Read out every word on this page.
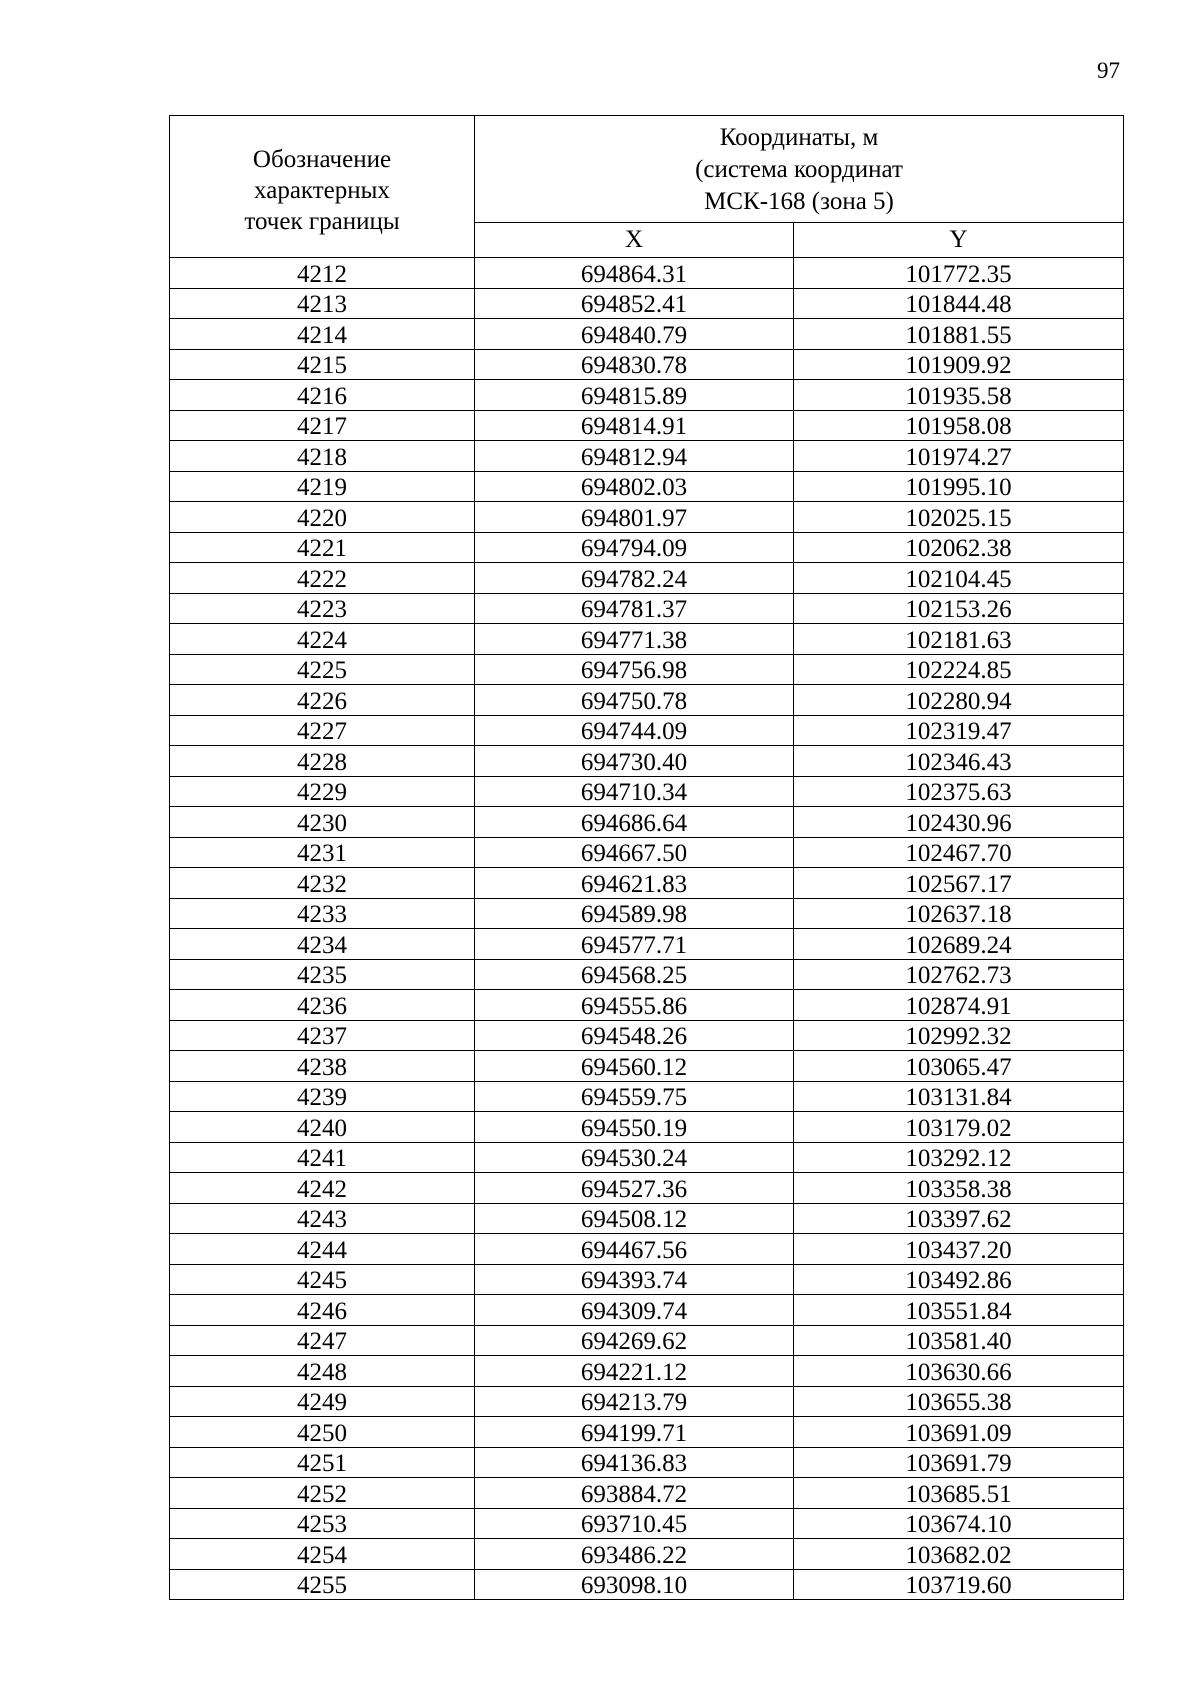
97
Обозначение
характерных
точек границы	Координаты, м
(система координат
МСК-168 (зона 5)	

	X	Y
4212	694864.31	101772.35
4213	694852.41	101844.48
4214	694840.79	101881.55
4215	694830.78	101909.92
4216	694815.89	101935.58
4217	694814.91	101958.08
4218	694812.94	101974.27
4219	694802.03	101995.10
4220	694801.97	102025.15
4221	694794.09	102062.38
4222	694782.24	102104.45
4223	694781.37	102153.26
4224	694771.38	102181.63
4225	694756.98	102224.85
4226	694750.78	102280.94
4227	694744.09	102319.47
4228	694730.40	102346.43
4229	694710.34	102375.63
4230	694686.64	102430.96
4231	694667.50	102467.70
4232	694621.83	102567.17
4233	694589.98	102637.18
4234	694577.71	102689.24
4235	694568.25	102762.73
4236	694555.86	102874.91
4237	694548.26	102992.32
4238	694560.12	103065.47
4239	694559.75	103131.84
4240	694550.19	103179.02
4241	694530.24	103292.12
4242	694527.36	103358.38
4243	694508.12	103397.62
4244	694467.56	103437.20
4245	694393.74	103492.86
4246	694309.74	103551.84
4247	694269.62	103581.40
4248	694221.12	103630.66
4249	694213.79	103655.38
4250	694199.71	103691.09
4251	694136.83	103691.79
4252	693884.72	103685.51
4253	693710.45	103674.10
4254	693486.22	103682.02
4255	693098.10	103719.60
